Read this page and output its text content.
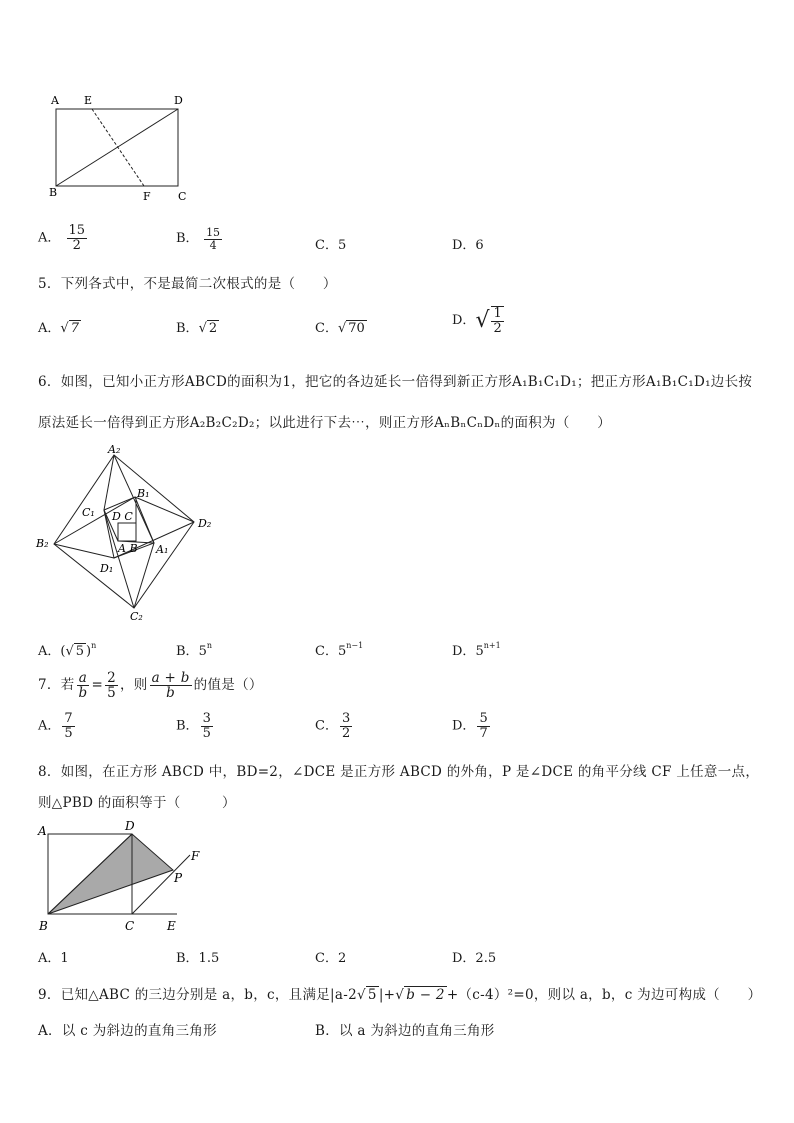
A E	D
B	F C
A． $\frac{15}{2}$	B． $\frac{15}{4}$	C．5	D．6
5．下列各式中，不是最简二次根式的是（　　）
A．√ 7	B．√ 2	C．√ 70
D．√ $\frac{1}{2}$
6．如图，已知小正方形ABCD的面积为1，把它的各边延长一倍得到新正方形A₁B₁C₁D₁；把正方形A₁B₁C₁D₁边长按
原法延长一倍得到正方形A₂B₂C₂D₂；以此进行下去⋯，则正方形AₙBₙCₙDₙ的面积为（　　）
A₂
B₁
C₁ D C
D₂
B₂	A B A₁
D₁
C₂
A．(√ 5 )$^n$	B．5$^n$	C．$5^{n-1}$	D．$5^{n+1}$
7．若 $\frac{a}{b} = \frac{2}{5}$ ，则 $\frac{a + b}{b}$ 的值是（）
A． $\frac{7}{5}$	B． $\frac{3}{5}$	C． $\frac{3}{2}$	D． $\frac{5}{7}$
8．如图，在正方形 ABCD 中，BD=2，∠DCE 是正方形 ABCD 的外角，P 是∠DCE 的角平分线 CF 上任意一点，
则△PBD 的面积等于（　　　）
A	D
F
P
B	C	E
A．1	B．1.5	C．2	D．2.5
9．已知△ABC 的三边分别是 a，b，c，且满足|a-2√ 5 |+√ b − 2 +（c-4）²=0，则以 a，b，c 为边可构成（　　）
A．以 c 为斜边的直角三角形	B．以 a 为斜边的直角三角形
